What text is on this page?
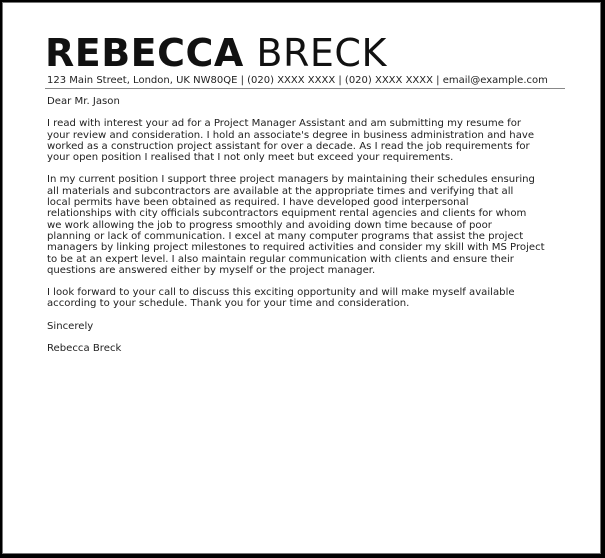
REBECCA BRECK
123 Main Street, London, UK NW80QE | (020) XXXX XXXX | (020) XXXX XXXX | email@example.com

Dear Mr. Jason

I read with interest your ad for a Project Manager Assistant and am submitting my resume for
your review and consideration. I hold an associate's degree in business administration and have
worked as a construction project assistant for over a decade. As I read the job requirements for
your open position I realised that I not only meet but exceed your requirements.

In my current position I support three project managers by maintaining their schedules ensuring
all materials and subcontractors are available at the appropriate times and verifying that all
local permits have been obtained as required. I have developed good interpersonal
relationships with city officials subcontractors equipment rental agencies and clients for whom
we work allowing the job to progress smoothly and avoiding down time because of poor
planning or lack of communication. I excel at many computer programs that assist the project
managers by linking project milestones to required activities and consider my skill with MS Project
to be at an expert level. I also maintain regular communication with clients and ensure their
questions are answered either by myself or the project manager.

I look forward to your call to discuss this exciting opportunity and will make myself available
according to your schedule. Thank you for your time and consideration.

Sincerely

Rebecca Breck
